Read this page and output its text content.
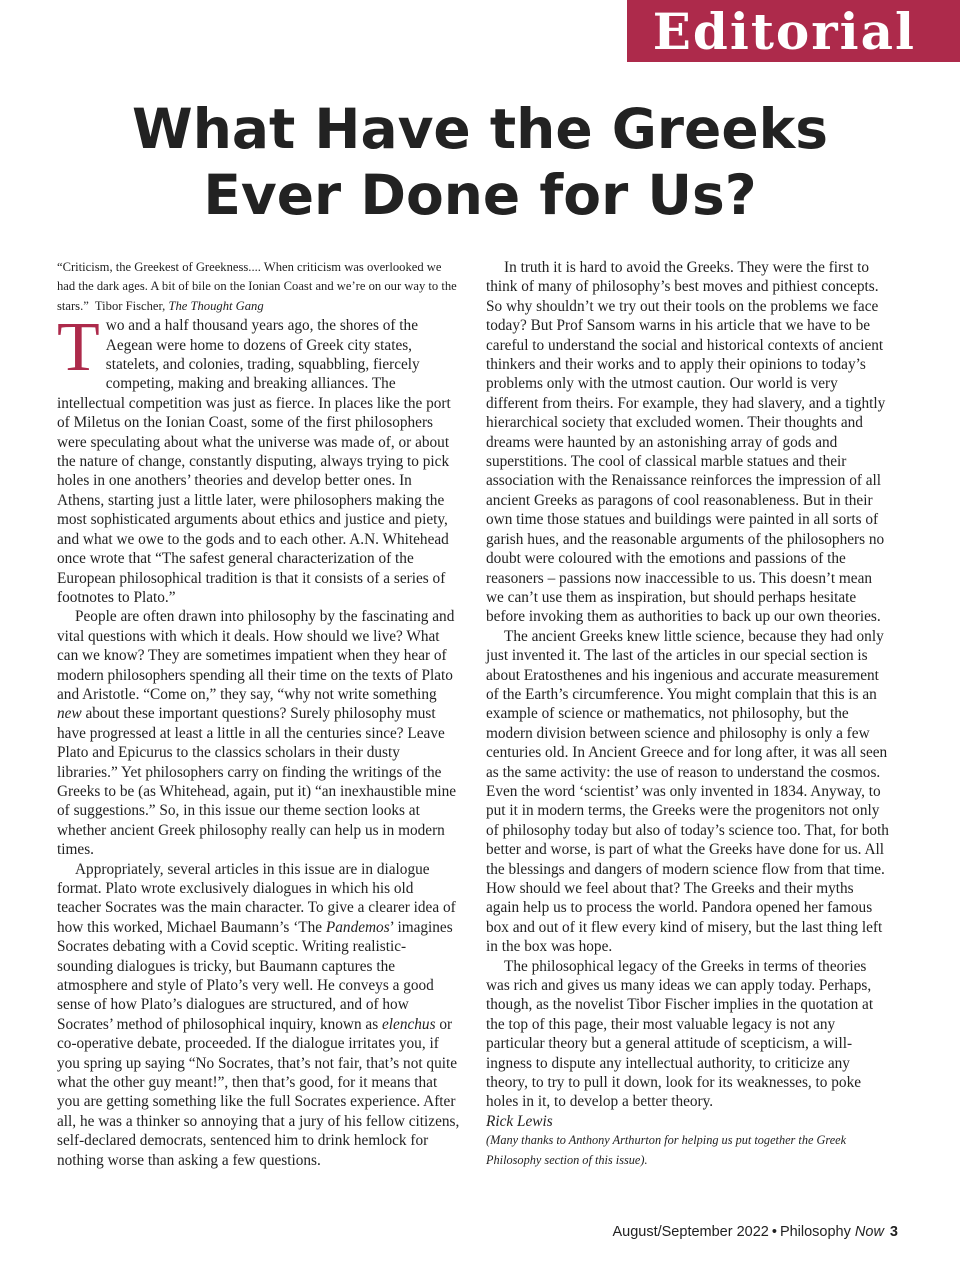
Editorial
What Have the Greeks
Ever Done for Us?

“Criticism, the Greekest of Greekness.... When criticism was overlooked we had the dark ages. A bit of bile on the Ionian Coast and we’re on our way to the stars.” Tibor Fischer, The Thought Gang

Two and a half thousand years ago, the shores of the Aegean were home to dozens of Greek city states, statelets, and colonies, trading, squabbling, fiercely competing, making and breaking alliances. The intellectual competition was just as fierce. In places like the port of Miletus on the Ionian Coast, some of the first philosophers were speculating about what the universe was made of, or about the nature of change, constantly disputing, always trying to pick holes in one anothers’ theories and develop better ones. In Athens, starting just a little later, were philosophers making the most sophisticated arguments about ethics and justice and piety, and what we owe to the gods and to each other. A.N. Whitehead once wrote that “The safest general characterization of the European philosophical tradition is that it consists of a series of footnotes to Plato.”

People are often drawn into philosophy by the fascinating and vital questions with which it deals. How should we live? What can we know? They are sometimes impatient when they hear of modern philosophers spending all their time on the texts of Plato and Aristotle. “Come on,” they say, “why not write something new about these important questions? Surely philosophy must have progressed at least a little in all the centuries since? Leave Plato and Epicurus to the classics scholars in their dusty libraries.” Yet philosophers carry on finding the writings of the Greeks to be (as Whitehead, again, put it) “an inexhaustible mine of suggestions.” So, in this issue our theme section looks at whether ancient Greek philosophy really can help us in modern times.

Appropriately, several articles in this issue are in dialogue format. Plato wrote exclusively dialogues in which his old teacher Socrates was the main character. To give a clearer idea of how this worked, Michael Baumann’s ‘The Pandemos’ imagines Socrates debating with a Covid sceptic. Writing realistic-sounding dialogues is tricky, but Baumann captures the atmosphere and style of Plato’s very well. He conveys a good sense of how Plato’s dialogues are structured, and of how Socrates’ method of philosophical inquiry, known as elenchus or co-operative debate, proceeded. If the dialogue irritates you, if you spring up saying “No Socrates, that’s not fair, that’s not quite what the other guy meant!”, then that’s good, for it means that you are getting something like the full Socrates experience. After all, he was a thinker so annoying that a jury of his fellow citizens, self-declared democrats, sentenced him to drink hemlock for nothing worse than asking a few questions.

In truth it is hard to avoid the Greeks. They were the first to think of many of philosophy’s best moves and pithiest concepts. So why shouldn’t we try out their tools on the problems we face today? But Prof Sansom warns in his article that we have to be careful to understand the social and historical contexts of ancient thinkers and their works and to apply their opinions to today’s problems only with the utmost caution. Our world is very different from theirs. For example, they had slavery, and a tightly hierarchical society that excluded women. Their thoughts and dreams were haunted by an astonishing array of gods and superstitions. The cool of classical marble statues and their association with the Renaissance reinforces the impression of all ancient Greeks as paragons of cool reasonableness. But in their own time those statues and buildings were painted in all sorts of garish hues, and the reasonable arguments of the philosophers no doubt were coloured with the emotions and passions of the reasoners – passions now inaccessible to us. This doesn’t mean we can’t use them as inspiration, but should perhaps hesitate before invoking them as authorities to back up our own theories.

The ancient Greeks knew little science, because they had only just invented it. The last of the articles in our special section is about Eratosthenes and his ingenious and accurate measurement of the Earth’s circumference. You might complain that this is an example of science or mathematics, not philosophy, but the modern division between science and philosophy is only a few centuries old. In Ancient Greece and for long after, it was all seen as the same activity: the use of reason to understand the cosmos. Even the word ‘scientist’ was only invented in 1834. Anyway, to put it in modern terms, the Greeks were the progenitors not only of philosophy today but also of today’s science too. That, for both better and worse, is part of what the Greeks have done for us. All the blessings and dangers of modern science flow from that time. How should we feel about that? The Greeks and their myths again help us to process the world. Pandora opened her famous box and out of it flew every kind of misery, but the last thing left in the box was hope.

The philosophical legacy of the Greeks in terms of theories was rich and gives us many ideas we can apply today. Perhaps, though, as the novelist Tibor Fischer implies in the quotation at the top of this page, their most valuable legacy is not any particular theory but a general attitude of scepticism, a willingness to dispute any intellectual authority, to criticize any theory, to try to pull it down, look for its weaknesses, to poke holes in it, to develop a better theory.

Rick Lewis

(Many thanks to Anthony Arthurton for helping us put together the Greek Philosophy section of this issue).

August/September 2022 • Philosophy Now 3
